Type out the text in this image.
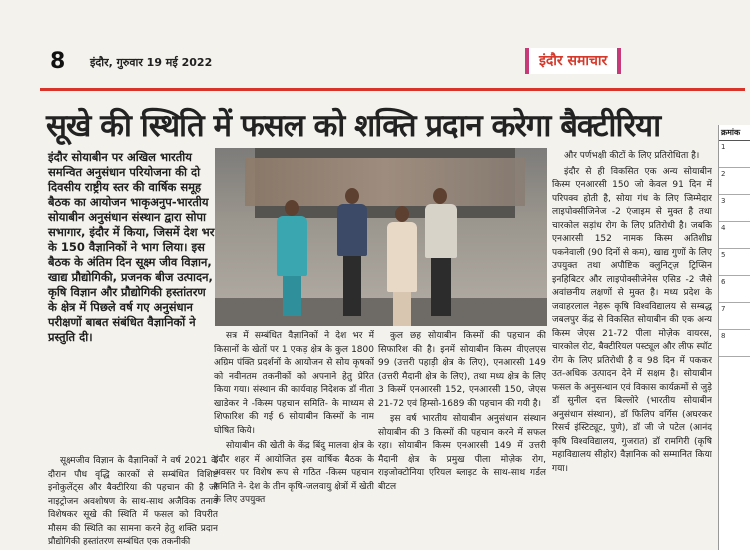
8 इंदौर, गुरुवार 19 मई 2022	इंदौर समाचार
सूखे की स्थिति में फसल को शक्ति प्रदान करेगा बैक्टीरिया
इंदौर सोयाबीन पर अखिल भारतीय समन्वित अनुसंधान परियोजना की दो दिवसीय राष्ट्रीय स्तर की वार्षिक समूह बैठक का आयोजन भाकृअनुप-भारतीय सोयाबीन अनुसंधान संस्थान द्वारा सोपा सभागार, इंदौर में किया, जिसमें देश भर के 150 वैज्ञानिकों ने भाग लिया। इस बैठक के अंतिम दिन सूक्ष्म जीव विज्ञान, खाद्य प्रौद्योगिकी, प्रजनक बीज उत्पादन, कृषि विज्ञान और प्रौद्योगिकी हस्तांतरण के क्षेत्र में पिछले वर्ष गए अनुसंधान परीक्षणों बाबत संबंधित वैज्ञानिकों ने प्रस्तुति दी।

सूक्ष्मजीव विज्ञान के वैज्ञानिकों ने वर्ष 2021 के दौरान पौध वृद्धि कारकों से सम्बंधित विशिष्ट इनोकुलेंट्स और बैक्टीरिया की पहचान की है जो नाइट्रोजन अवशोषण के साथ-साथ अजैविक तनाव विशेषकर सूखे की स्थिति में फसल को विपरीत मौसम की स्थिति का सामना करने हेतु शक्ति प्रदान प्रौद्योगिकी हस्तांतरण सम्बंधित एक तकनीकी

सत्र में सम्बंधित वैज्ञानिकों ने देश भर में किसानों के खेतों पर 1 एकड़ क्षेत्र के कुल 1800 अग्रिम पंक्ति प्रदर्शनों के आयोजन से सोय कृषकों को नवीनतम तकनीकों को अपनाने हेतु प्रेरित किया गया। संस्थान की कार्यवाह निदेशक डॉ नीता खाडेकर ने -किस्म पहचान समिति- के माध्यम से शिफारिश की गई 6 सोयाबीन किस्मों के नाम घोषित किये।

सोयाबीन की खेती के केंद्र बिंदु मालवा क्षेत्र के इंदौर शहर में आयोजित इस वार्षिक बैठक के अवसर पर विशेष रूप से गठित -किस्म पहचान समिति ने- देश के तीन कृषि-जलवायु क्षेत्रों में खेती के लिए उपयुक्त

कुल छह सोयाबीन किस्मों की पहचान की सिफारिश की है। इनमें सोयाबीन किस्म वीएलएस 99 (उत्तरी पहाड़ी क्षेत्र के लिए), एनआरसी 149 (उत्तरी मैदानी क्षेत्र के लिए), तथा मध्य क्षेत्र के लिए 3 किस्में एनआरसी 152, एनआरसी 150, जेएस 21-72 एवं हिम्सो-1689 की पहचान की गयी है।

इस वर्ष भारतीय सोयाबीन अनुसंधान संस्थान सोयाबीन की 3 किस्मों की पहचान करने में सफल रहा। सोयाबीन किस्म एनआरसी 149 में उत्तरी मैदानी क्षेत्र के प्रमुख पीला मोज़ेक रोग, राइजोक्टोनिया एरियल ब्लाइट के साथ-साथ गर्डल बीटल

और पर्णभक्षी कीटों के लिए प्रतिरोधिता है।

इंदौर से ही विकसित एक अन्य सोयाबीन किस्म एनआरसी 150 जो केवल 91 दिन में परिपक्व होती है, सोया गंध के लिए जिम्मेदार लाइपोक्सीजिनेज -2 एंजाइम से मुक्त है तथा चारकोल सड़ांध रोग के लिए प्रतिरोधी है। जबकि एनआरसी 152 नामक किस्म अतिशीघ्र पकनेवाली (90 दिनों से कम), खाद्य गुणों के लिए उपयुक्त तथा अपौष्टिक क्लुनिट्ज़ ट्रिप्सिन इनहिबिटर और लाइपोक्सीजेनेस एसिड -2 जैसे अवांछनीय लक्षणों से मुक्त है। मध्य प्रदेश के जवाहरलाल नेहरू कृषि विश्वविद्यालय से सम्बद्ध जबलपुर केंद्र से विकसित सोयाबीन की एक अन्य किस्म जेएस 21-72 पीला मोज़ेक वायरस, चारकोल रोट, बैक्टीरियल पस्ट्यूल और लीफ स्पॉट रोग के लिए प्रतिरोधी है व 98 दिन में पककर उत-अधिक उत्पादन देने में सक्षम है। सोयाबीन फसल के अनुसन्धान एवं विकास कार्यक्रमों से जुड़े डॉ सुनील दत्त बिल्लोरे (भारतीय सोयाबीन अनुसंधान संस्थान), डॉ फिलिप वर्गिस (अघरकर रिसर्च इंस्टिट्यूट, पुणे), डॉ जी जे पटेल (आनंद कृषि विश्वविद्यालय, गुजरात) डॉ रामगिरी (कृषि महाविद्यालय सीहोर) वैज्ञानिक को सम्मानित किया गया।

क्रमांक
1
2
3
4
5
6
7
8
